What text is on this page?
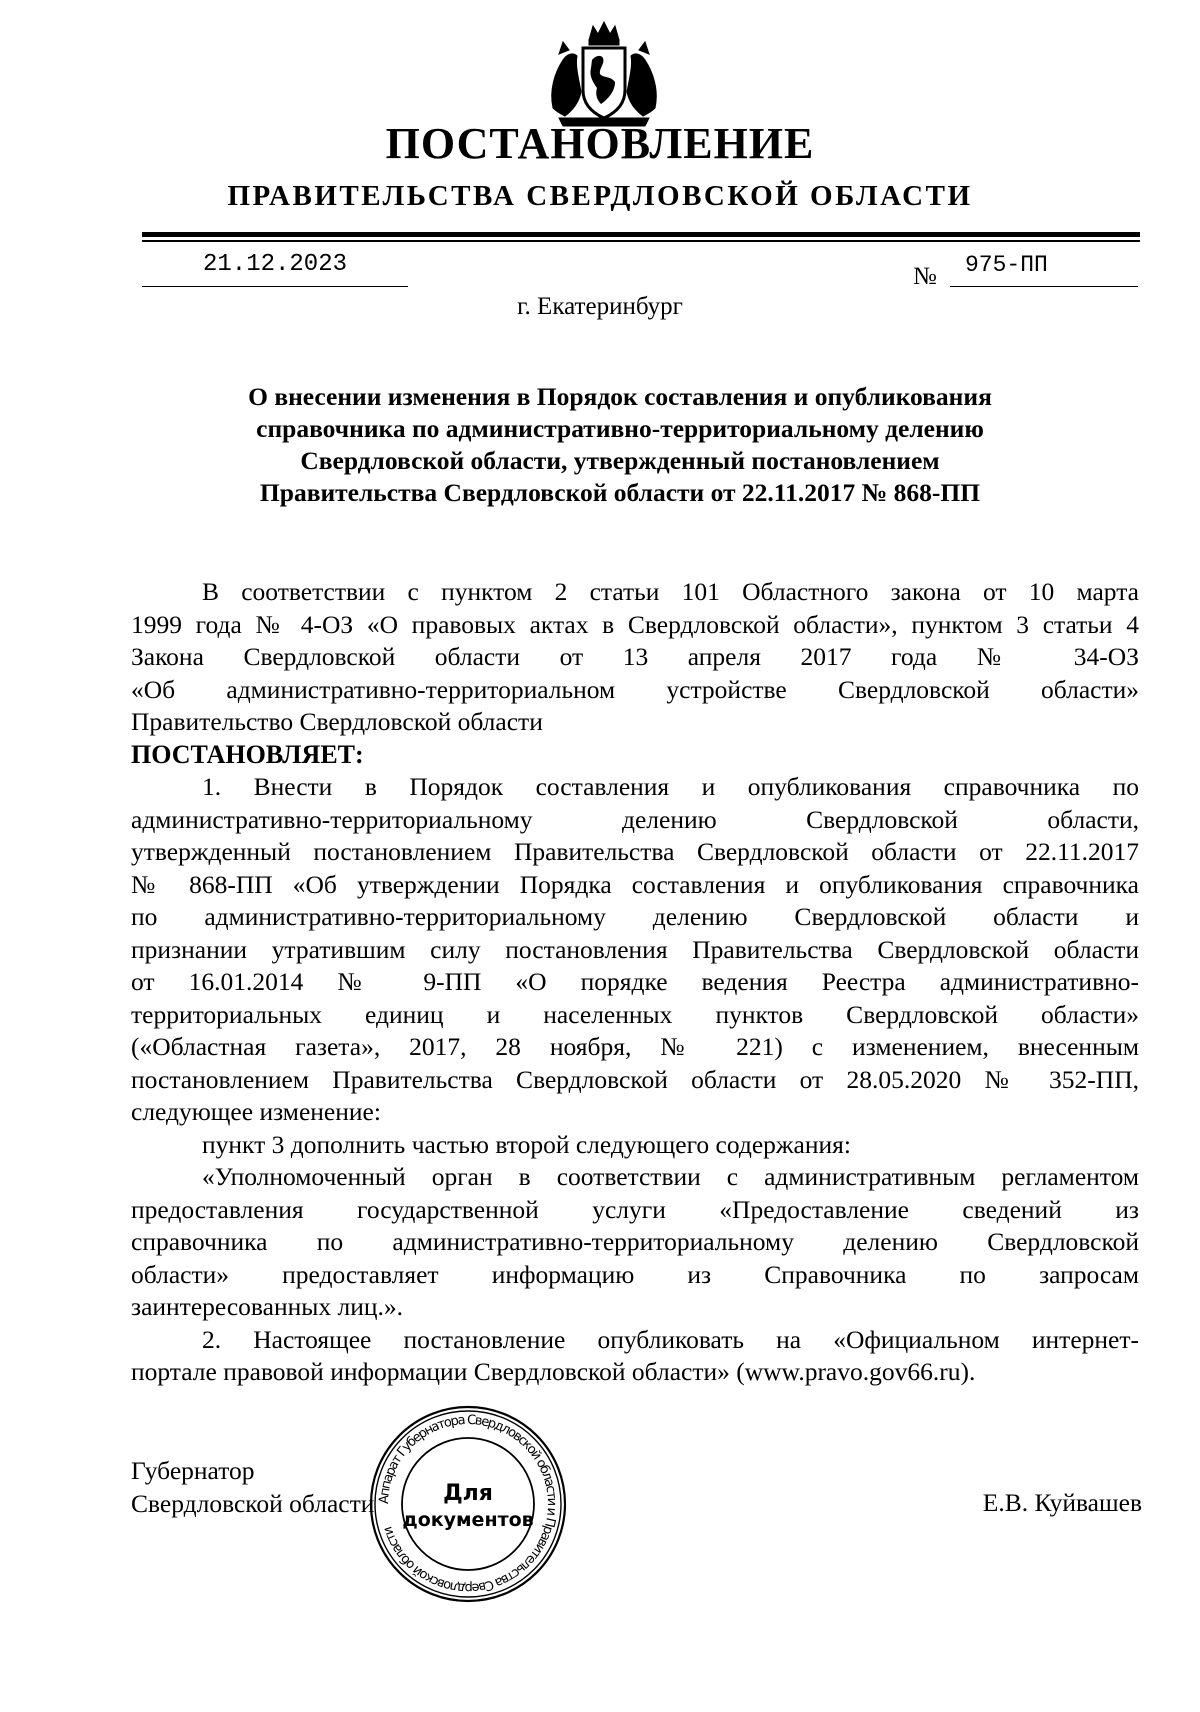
ПОСТАНОВЛЕНИЕ
ПРАВИТЕЛЬСТВА СВЕРДЛОВСКОЙ ОБЛАСТИ
21.12.2023	№	975-ПП
г. Екатеринбург
О внесении изменения в Порядок составления и опубликования
справочника по административно-территориальному делению
Свердловской области, утвержденный постановлением
Правительства Свердловской области от 22.11.2017 № 868-ПП

В соответствии с пунктом 2 статьи 101 Областного закона от 10 марта

1999 года № 4-ОЗ «О правовых актах в Свердловской области», пунктом 3 статьи 4

Закона Свердловской области от 13 апреля 2017 года № 34-ОЗ

«Об административно-территориальном устройстве Свердловской области»

Правительство Свердловской области

ПОСТАНОВЛЯЕТ:

1. Внести в Порядок составления и опубликования справочника по

административно-территориальному делению Свердловской области,

утвержденный постановлением Правительства Свердловской области от 22.11.2017

№ 868-ПП «Об утверждении Порядка составления и опубликования справочника

по административно-территориальному делению Свердловской области и

признании утратившим силу постановления Правительства Свердловской области

от 16.01.2014 № 9-ПП «О порядке ведения Реестра административно-

территориальных единиц и населенных пунктов Свердловской области»

(«Областная газета», 2017, 28 ноября, № 221) с изменением, внесенным

постановлением Правительства Свердловской области от 28.05.2020 № 352-ПП,

следующее изменение:

пункт 3 дополнить частью второй следующего содержания:

«Уполномоченный орган в соответствии с административным регламентом

предоставления государственной услуги «Предоставление сведений из

справочника по административно-территориальному делению Свердловской

области» предоставляет информацию из Справочника по запросам

заинтересованных лиц.».

2. Настоящее постановление опубликовать на «Официальном интернет-

портале правовой информации Свердловской области» (www.pravo.gov66.ru).

Губернатор
Свердловской области	Е.В. Куйвашев
Аппарат Губернатора Свердловской области и Правительства Свердловской области
Для
документов
